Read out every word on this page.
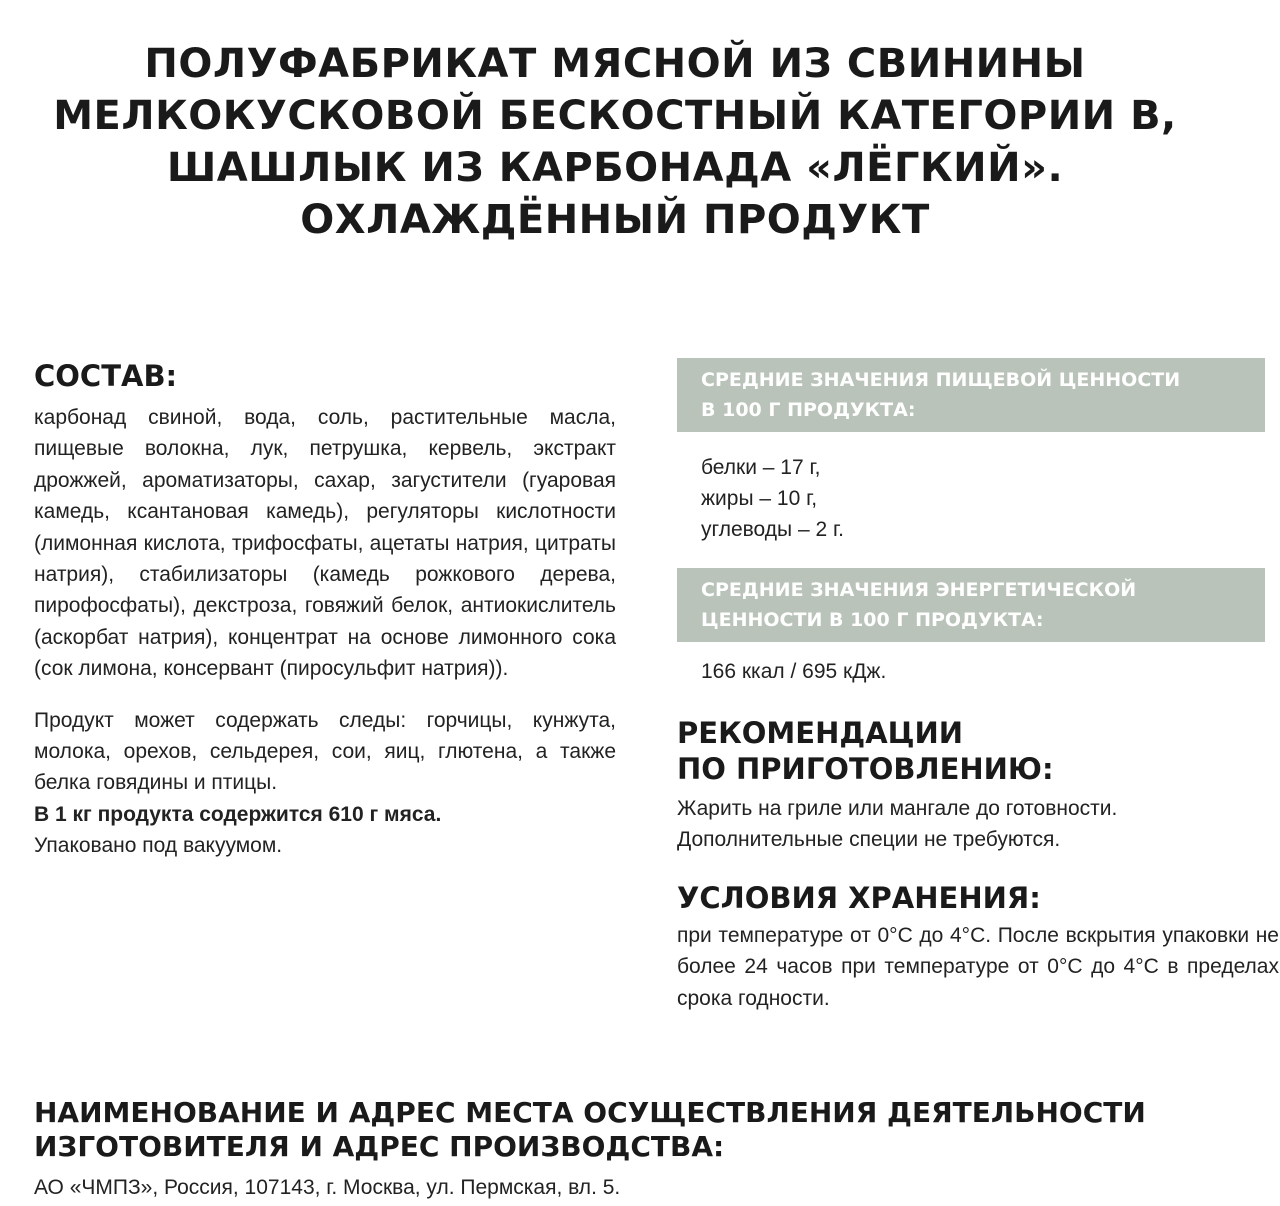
ПОЛУФАБРИКАТ МЯСНОЙ ИЗ СВИНИНЫ
МЕЛКОКУСКОВОЙ БЕСКОСТНЫЙ КАТЕГОРИИ В,
ШАШЛЫК ИЗ КАРБОНАДА «ЛЁГКИЙ».
ОХЛАЖДЁННЫЙ ПРОДУКТ
СОСТАВ:

карбонад свиной, вода, соль, растительные масла, пищевые волокна, лук, петрушка, кервель, экстракт дрожжей, ароматизаторы, сахар, загустители (гуаровая камедь, ксантановая камедь), регуляторы кислотности (лимонная кислота, трифосфаты, ацетаты натрия, цитраты натрия), стабилизаторы (камедь рожкового дерева, пирофосфаты), декстроза, говяжий белок, антиокислитель (аскорбат натрия), концентрат на основе лимонного сока (сок лимона, консервант (пиросульфит натрия)).

Продукт может содержать следы: горчицы, кунжута, молока, орехов, сельдерея, сои, яиц, глютена, а также белка говядины и птицы.

В 1 кг продукта содержится 610 г мяса.

Упаковано под вакуумом.

СРЕДНИЕ ЗНАЧЕНИЯ ПИЩЕВОЙ ЦЕННОСТИ
В 100 Г ПРОДУКТА:
белки – 17 г,
жиры – 10 г,
углеводы – 2 г.
СРЕДНИЕ ЗНАЧЕНИЯ ЭНЕРГЕТИЧЕСКОЙ
ЦЕННОСТИ В 100 Г ПРОДУКТА:

166 ккал / 695 кДж.

РЕКОМЕНДАЦИИ
ПО ПРИГОТОВЛЕНИЮ:

Жарить на гриле или мангале до готовности. Дополнительные специи не требуются.

УСЛОВИЯ ХРАНЕНИЯ:

при температуре от 0°C до 4°C. После вскрытия упаковки не более 24 часов при температуре от 0°C до 4°C в пределах срока годности.

НАИМЕНОВАНИЕ И АДРЕС МЕСТА ОСУЩЕСТВЛЕНИЯ ДЕЯТЕЛЬНОСТИ
ИЗГОТОВИТЕЛЯ И АДРЕС ПРОИЗВОДСТВА:

АО «ЧМПЗ», Россия, 107143, г. Москва, ул. Пермская, вл. 5.
